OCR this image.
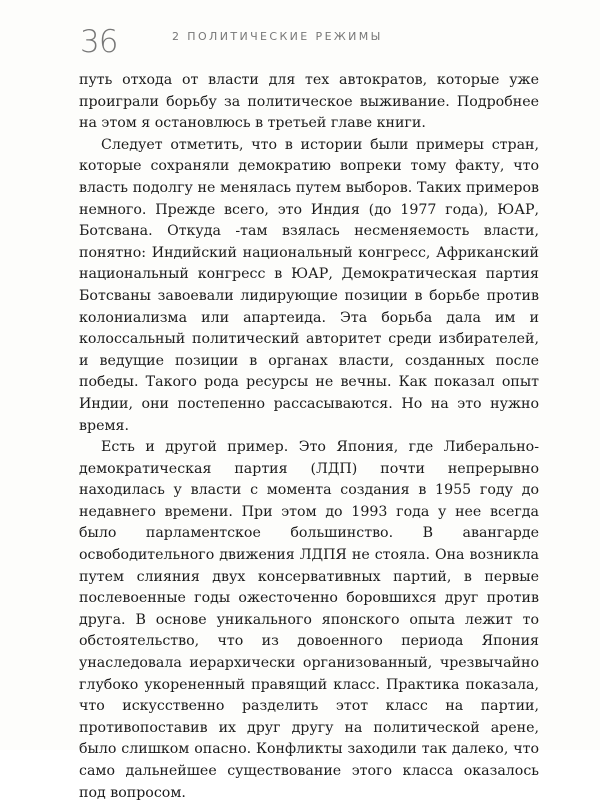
36	2 ПОЛИТИЧЕСКИЕ РЕЖИМЫ

путь отхода от власти для тех автократов, которые уже проиграли борьбу за политическое выживание. Подробнее на этом я остановлюсь в третьей главе книги.

Следует отметить, что в истории были примеры стран, которые сохраняли демократию вопреки тому факту, что власть подолгу не менялась путем выборов. Таких примеров немного. Прежде всего, это Индия (до 1977 года), ЮАР, Ботсвана. Откуда -там взялась несменяемость власти, понятно: Индийский национальный конгресс, Африканский национальный конгресс в ЮАР, Демократическая партия Ботсваны завоевали лидирующие позиции в борьбе против колониализма или апартеида. Эта борьба дала им и колоссальный политический авторитет среди избирателей, и ведущие позиции в органах власти, созданных после победы. Такого рода ресурсы не вечны. Как показал опыт Индии, они постепенно рассасываются. Но на это нужно время.

Есть и другой пример. Это Япония, где Либерально-демократическая партия (ЛДП) почти непрерывно находилась у власти с момента создания в 1955 году до недавнего времени. При этом до 1993 года у нее всегда было парламентское большинство. В авангарде освободительного движения ЛДПЯ не стояла. Она возникла путем слияния двух консервативных партий, в первые послевоенные годы ожесточенно боровшихся друг против друга. В основе уникального японского опыта лежит то обстоятельство, что из довоенного периода Япония унаследовала иерархически организованный, чрезвычайно глубоко укорененный правящий класс. Практика показала, что искусственно разделить этот класс на партии, противопоставив их друг другу на политической арене, было слишком опасно. Конфликты заходили так далеко, что само дальнейшее существование этого класса оказалось под вопросом.
